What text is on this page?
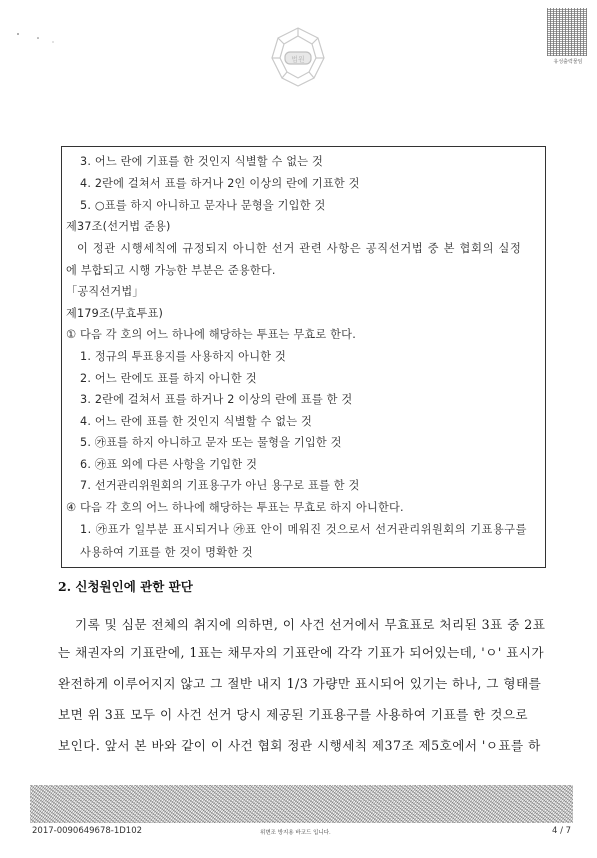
법원	유성출력물임
3. 어느 란에 기표를 한 것인지 식별할 수 없는 것
4. 2란에 걸쳐서 표를 하거나 2인 이상의 란에 기표한 것
5. ○표를 하지 아니하고 문자나 문형을 기입한 것
제37조(선거법 준용)
이 정관 시행세칙에 규정되지 아니한 선거 관련 사항은 공직선거법 중 본 협회의 실정
에 부합되고 시행 가능한 부분은 준용한다.
「공직선거법」
제179조(무효투표)
① 다음 각 호의 어느 하나에 해당하는 투표는 무효로 한다.
1. 정규의 투표용지를 사용하지 아니한 것
2. 어느 란에도 표를 하지 아니한 것
3. 2란에 걸쳐서 표를 하거나 2 이상의 란에 표를 한 것
4. 어느 란에 표를 한 것인지 식별할 수 없는 것
5. ㉮표를 하지 아니하고 문자 또는 물형을 기입한 것
6. ㉮표 외에 다른 사항을 기입한 것
7. 선거관리위원회의 기표용구가 아닌 용구로 표를 한 것
④ 다음 각 호의 어느 하나에 해당하는 투표는 무효로 하지 아니한다.
1. ㉮표가 일부분 표시되거나 ㉮표 안이 메워진 것으로서 선거관리위원회의 기표용구를
사용하여 기표를 한 것이 명확한 것
2. 신청원인에 관한 판단
기록 및 심문 전체의 취지에 의하면, 이 사건 선거에서 무효표로 처리된 3표 중 2표
는 채권자의 기표란에, 1표는 채무자의 기표란에 각각 기표가 되어있는데, 'ㅇ' 표시가
완전하게 이루어지지 않고 그 절반 내지 1/3 가량만 표시되어 있기는 하나, 그 형태를
보면 위 3표 모두 이 사건 선거 당시 제공된 기표용구를 사용하여 기표를 한 것으로
보인다. 앞서 본 바와 같이 이 사건 협회 정관 시행세칙 제37조 제5호에서 'ㅇ표를 하
2017-0090649678-1D102	위변조 방지용 바코드 입니다.	4 / 7
